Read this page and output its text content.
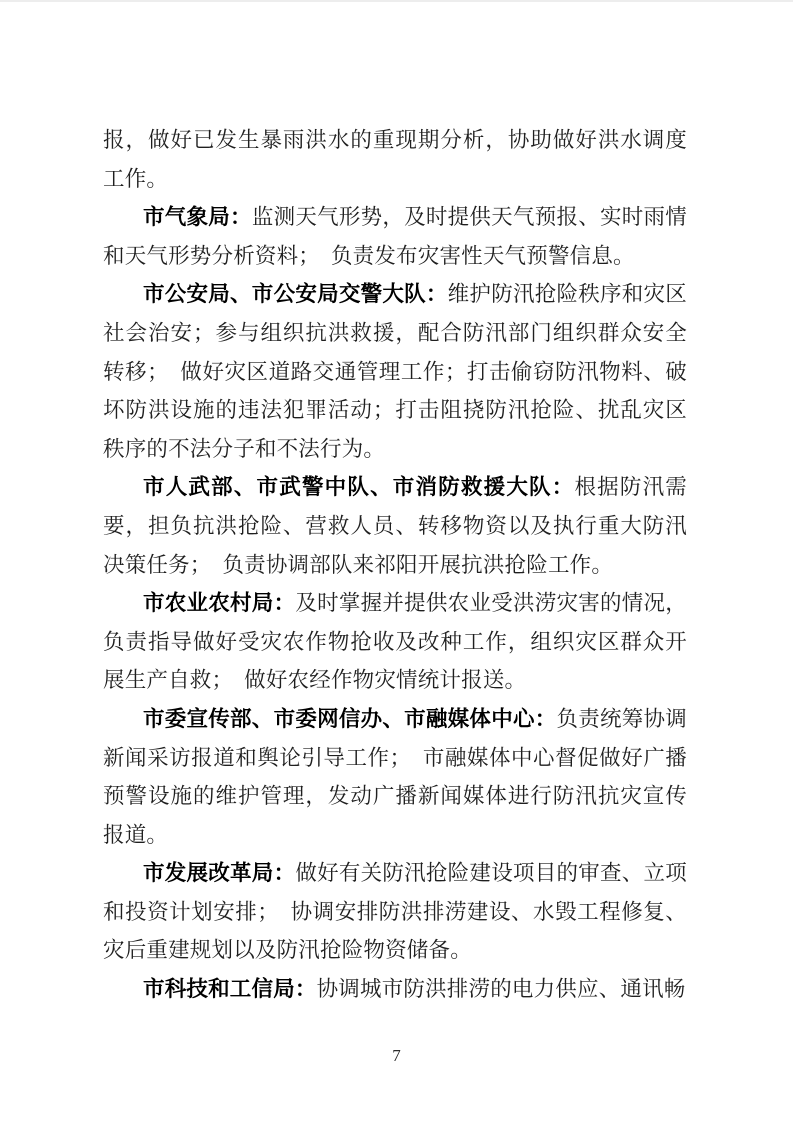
报，做好已发生暴雨洪水的重现期分析，协助做好洪水调度工作。

市气象局：监测天气形势，及时提供天气预报、实时雨情和天气形势分析资料；　负责发布灾害性天气预警信息。

市公安局、市公安局交警大队：维护防汛抢险秩序和灾区社会治安；参与组织抗洪救援，配合防汛部门组织群众安全转移；　做好灾区道路交通管理工作；打击偷窃防汛物料、破坏防洪设施的违法犯罪活动；打击阻挠防汛抢险、扰乱灾区秩序的不法分子和不法行为。

市人武部、市武警中队、市消防救援大队：根据防汛需要，担负抗洪抢险、营救人员、转移物资以及执行重大防汛决策任务；　负责协调部队来祁阳开展抗洪抢险工作。

市农业农村局：及时掌握并提供农业受洪涝灾害的情况，负责指导做好受灾农作物抢收及改种工作，组织灾区群众开展生产自救；　做好农经作物灾情统计报送。

市委宣传部、市委网信办、市融媒体中心：负责统筹协调新闻采访报道和舆论引导工作；　市融媒体中心督促做好广播预警设施的维护管理，发动广播新闻媒体进行防汛抗灾宣传报道。

市发展改革局：做好有关防汛抢险建设项目的审查、立项和投资计划安排；　协调安排防洪排涝建设、水毁工程修复、灾后重建规划以及防汛抢险物资储备。

市科技和工信局：协调城市防洪排涝的电力供应、通讯畅

7
